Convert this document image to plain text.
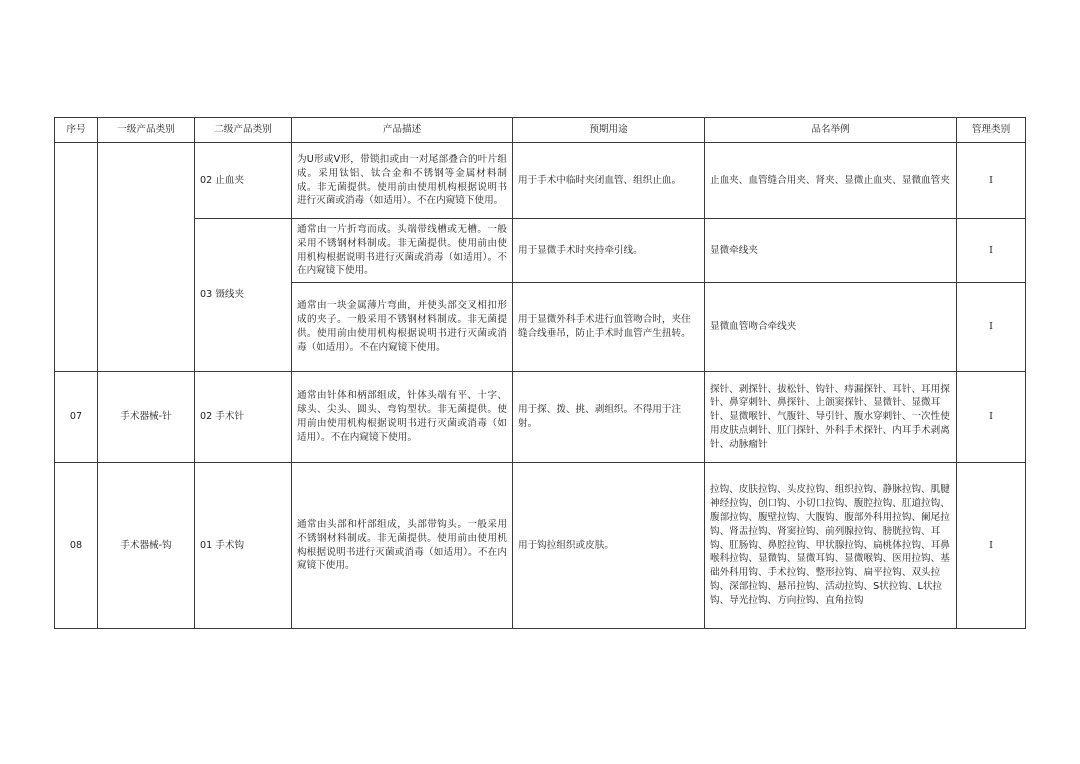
序号	一级产品类别	二级产品类别	产品描述	预期用途	品名举例	管理类别
		02 止血夹	为U形或V形，带锁扣或由一对尾部叠合的叶片组成。采用钛铝、钛合金和不锈钢等金属材料制成。非无菌提供。使用前由使用机构根据说明书进行灭菌或消毒（如适用）。不在内窥镜下使用。	用于手术中临时夹闭血管、组织止血。	止血夹、血管缝合用夹、肾夹、显微止血夹、显微血管夹	I
		03 镊线夹	通常由一片折弯而成。头端带线槽或无槽。一般采用不锈钢材料制成。非无菌提供。使用前由使用机构根据说明书进行灭菌或消毒（如适用）。不在内窥镜下使用。	用于显微手术时夹持牵引线。	显微牵线夹	I
			通常由一块金属薄片弯曲，并使头部交叉相扣形成的夹子。一般采用不锈钢材料制成。非无菌提供。使用前由使用机构根据说明书进行灭菌或消毒（如适用）。不在内窥镜下使用。	用于显微外科手术进行血管吻合时，夹住缝合线垂吊，防止手术时血管产生扭转。	显微血管吻合牵线夹	I
07	手术器械-针	02 手术针	通常由针体和柄部组成，针体头端有平、十字、球头、尖头、圆头、弯钩型状。非无菌提供。使用前由使用机构根据说明书进行灭菌或消毒（如适用）。不在内窥镜下使用。	用于探、拨、挑、剥组织。不得用于注射。	探针、剥探针、拔松针、钩针、痔漏探针、耳针、耳用探针、鼻穿刺针、鼻探针、上颌窦探针、显微针、显微耳针、显微喉针、气腹针、导引针、腹水穿刺针、一次性使用皮肤点刺针、肛门探针、外科手术探针、内耳手术剥离针、动脉瘤针	I
08	手术器械-钩	01 手术钩	通常由头部和杆部组成，头部带钩头。一般采用不锈钢材料制成。非无菌提供。使用前由使用机构根据说明书进行灭菌或消毒（如适用）。不在内窥镜下使用。	用于钩拉组织或皮肤。	拉钩、皮肤拉钩、头皮拉钩、组织拉钩、静脉拉钩、肌腱神经拉钩、创口钩、小切口拉钩、腹腔拉钩、肛道拉钩、腹部拉钩、腹壁拉钩、大腹钩、腹部外科用拉钩、阑尾拉钩、肾盂拉钩、肾窦拉钩、前列腺拉钩、膀胱拉钩、耳钩、肛肠钩、鼻腔拉钩、甲状腺拉钩、扁桃体拉钩、耳鼻喉科拉钩、显微钩、显微耳钩、显微喉钩、医用拉钩、基础外科用钩、手术拉钩、整形拉钩、扁平拉钩、双头拉钩、深部拉钩、悬吊拉钩、活动拉钩、S状拉钩、L状拉钩、导光拉钩、方向拉钩、直角拉钩	I
